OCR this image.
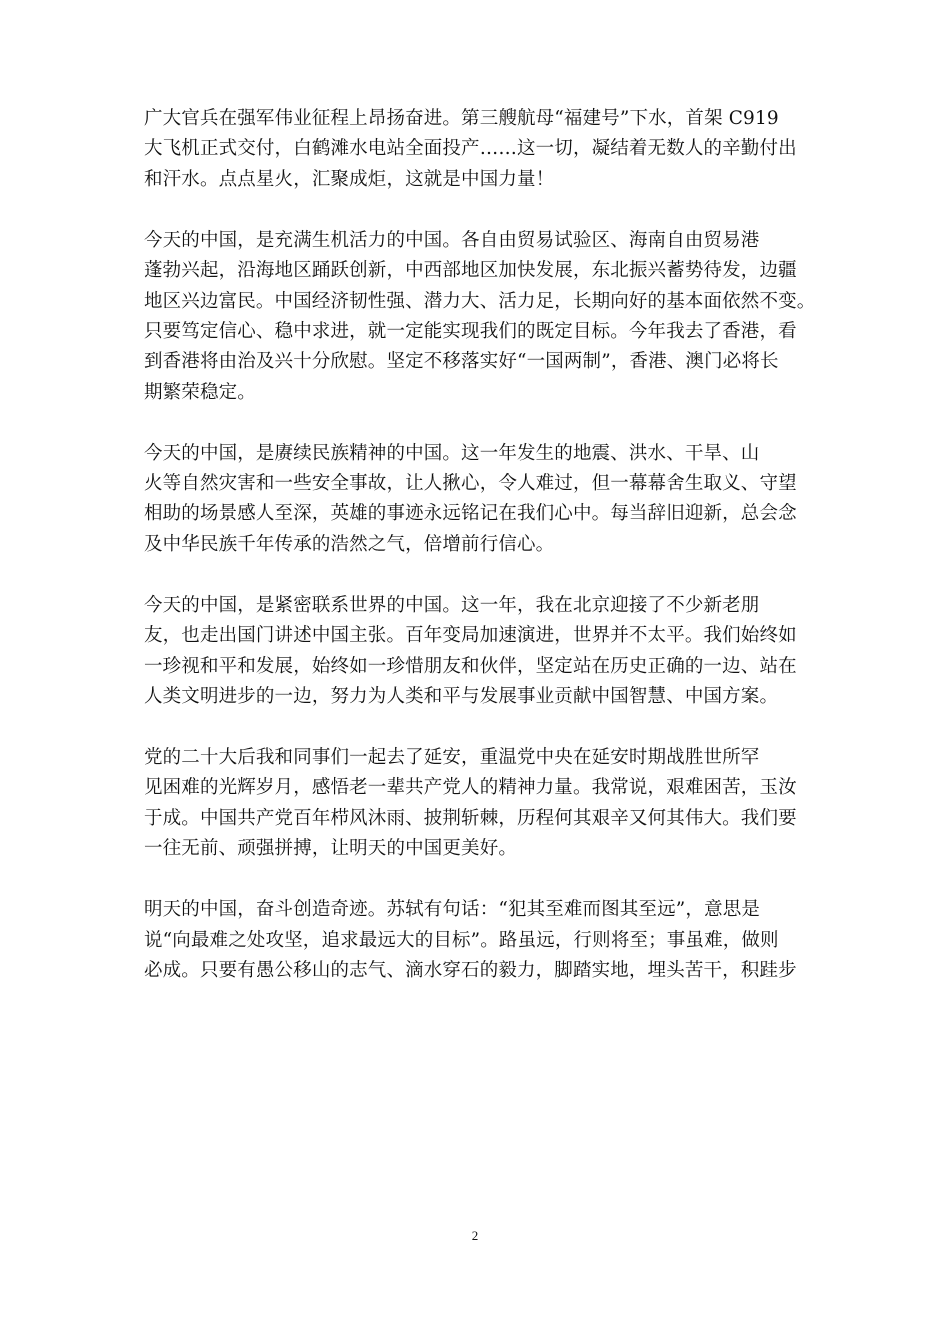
广大官兵在强军伟业征程上昂扬奋进。第三艘航母“福建号”下水，首架 C919
大飞机正式交付，白鹤滩水电站全面投产……这一切，凝结着无数人的辛勤付出
和汗水。点点星火，汇聚成炬，这就是中国力量！
今天的中国，是充满生机活力的中国。各自由贸易试验区、海南自由贸易港
蓬勃兴起，沿海地区踊跃创新，中西部地区加快发展，东北振兴蓄势待发，边疆
地区兴边富民。中国经济韧性强、潜力大、活力足，长期向好的基本面依然不变。
只要笃定信心、稳中求进，就一定能实现我们的既定目标。今年我去了香港，看
到香港将由治及兴十分欣慰。坚定不移落实好“一国两制”，香港、澳门必将长
期繁荣稳定。
今天的中国，是赓续民族精神的中国。这一年发生的地震、洪水、干旱、山
火等自然灾害和一些安全事故，让人揪心，令人难过，但一幕幕舍生取义、守望
相助的场景感人至深，英雄的事迹永远铭记在我们心中。每当辞旧迎新，总会念
及中华民族千年传承的浩然之气，倍增前行信心。
今天的中国，是紧密联系世界的中国。这一年，我在北京迎接了不少新老朋
友，也走出国门讲述中国主张。百年变局加速演进，世界并不太平。我们始终如
一珍视和平和发展，始终如一珍惜朋友和伙伴，坚定站在历史正确的一边、站在
人类文明进步的一边，努力为人类和平与发展事业贡献中国智慧、中国方案。
党的二十大后我和同事们一起去了延安，重温党中央在延安时期战胜世所罕
见困难的光辉岁月，感悟老一辈共产党人的精神力量。我常说，艰难困苦，玉汝
于成。中国共产党百年栉风沐雨、披荆斩棘，历程何其艰辛又何其伟大。我们要
一往无前、顽强拼搏，让明天的中国更美好。
明天的中国，奋斗创造奇迹。苏轼有句话：“犯其至难而图其至远”，意思是
说“向最难之处攻坚，追求最远大的目标”。路虽远，行则将至；事虽难，做则
必成。只要有愚公移山的志气、滴水穿石的毅力，脚踏实地，埋头苦干，积跬步
2
